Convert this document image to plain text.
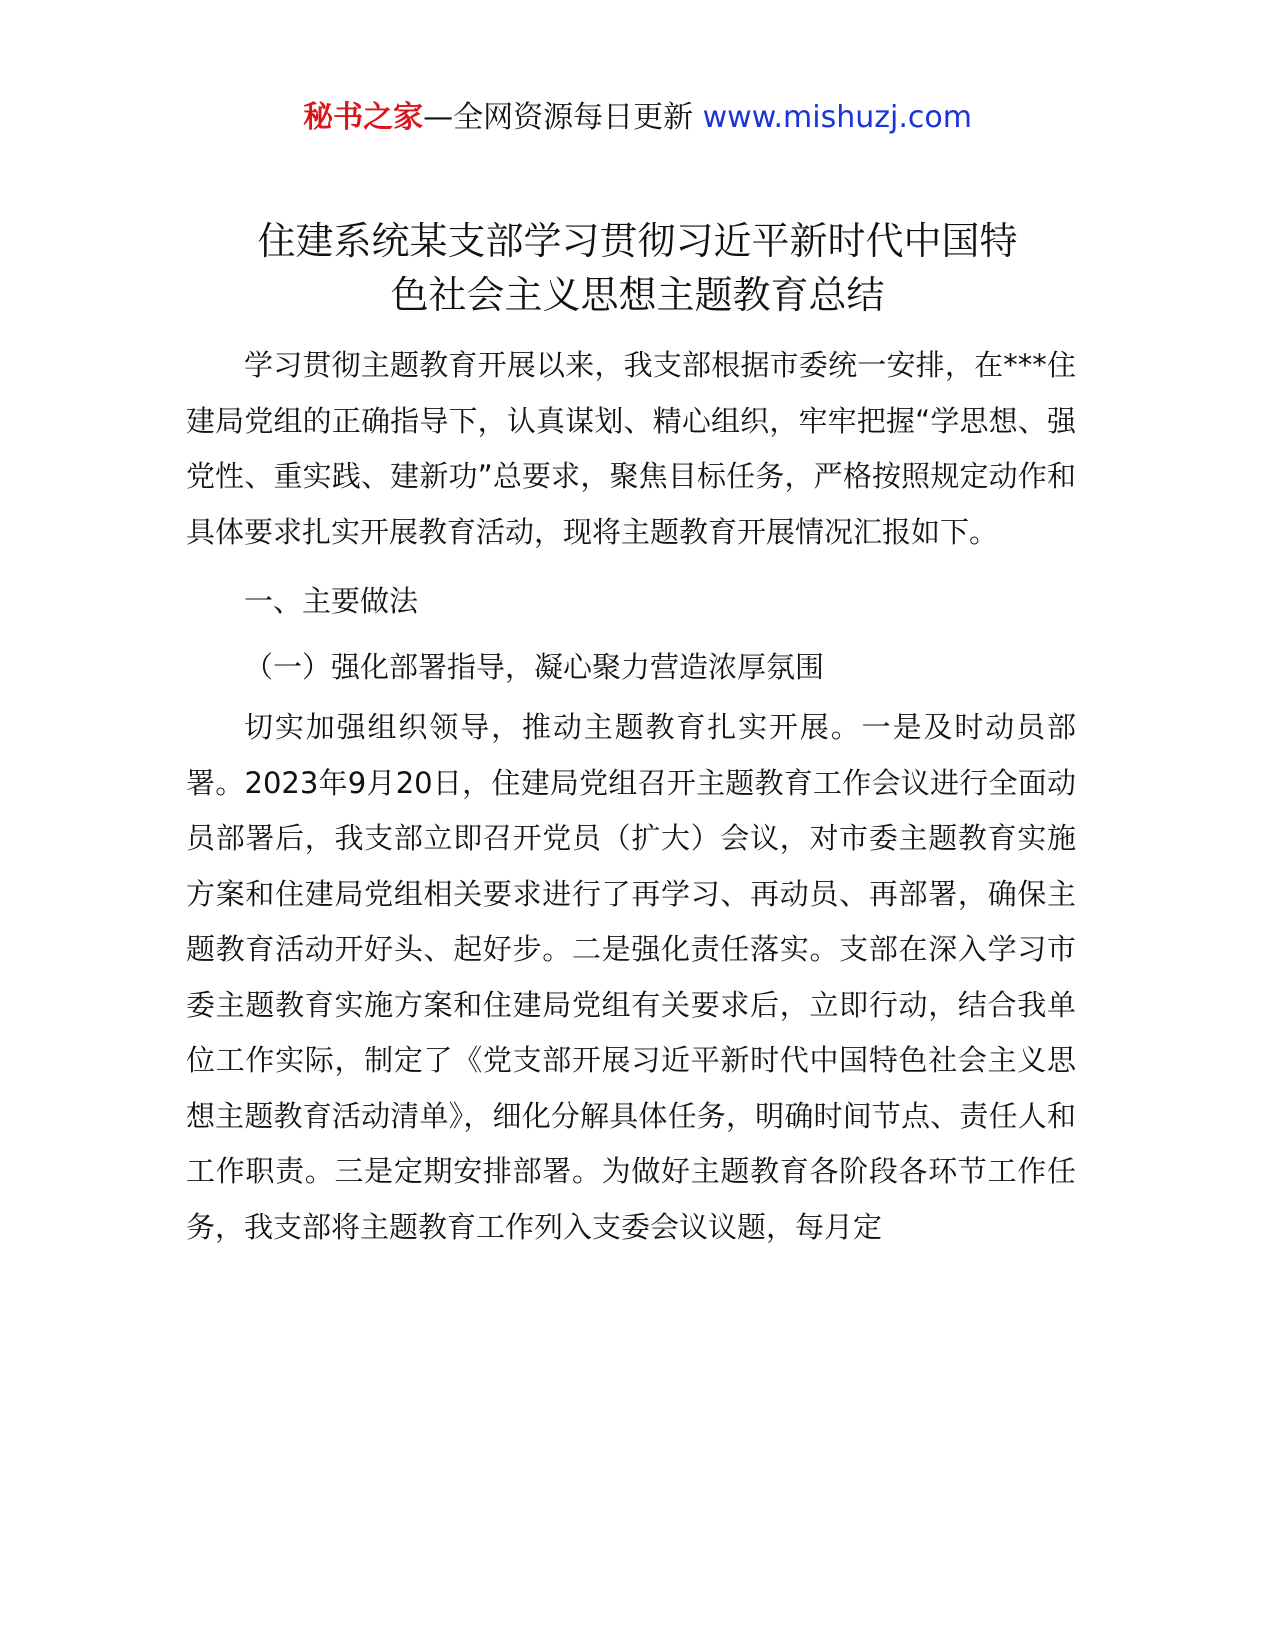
秘书之家—全网资源每日更新 www.mishuzj.com
住建系统某支部学习贯彻习近平新时代中国特
色社会主义思想主题教育总结

学习贯彻主题教育开展以来，我支部根据市委统一安排，在***住建局党组的正确指导下，认真谋划、精心组织，牢牢把握“学思想、强党性、重实践、建新功”总要求，聚焦目标任务，严格按照规定动作和具体要求扎实开展教育活动，现将主题教育开展情况汇报如下。

一、主要做法

（一）强化部署指导，凝心聚力营造浓厚氛围

切实加强组织领导，推动主题教育扎实开展。一是及时动员部署。2023年9月20日，住建局党组召开主题教育工作会议进行全面动员部署后，我支部立即召开党员（扩大）会议，对市委主题教育实施方案和住建局党组相关要求进行了再学习、再动员、再部署，确保主题教育活动开好头、起好步。二是强化责任落实。支部在深入学习市委主题教育实施方案和住建局党组有关要求后，立即行动，结合我单位工作实际，制定了《党支部开展习近平新时代中国特色社会主义思想主题教育活动清单》，细化分解具体任务，明确时间节点、责任人和工作职责。三是定期安排部署。为做好主题教育各阶段各环节工作任务，我支部将主题教育工作列入支委会议议题，每月定
